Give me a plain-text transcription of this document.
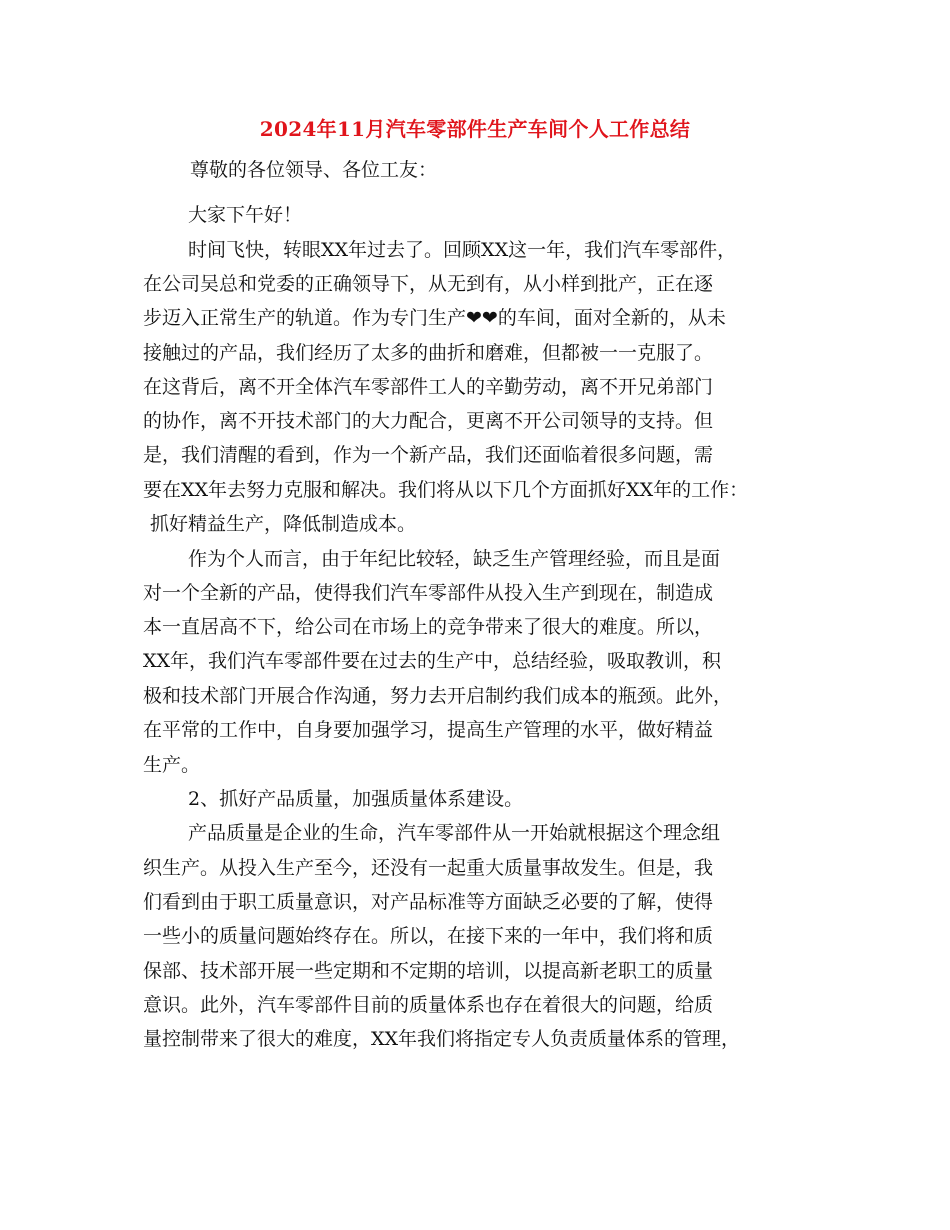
2024年11月汽车零部件生产车间个人工作总结
尊敬的各位领导、各位工友：
大家下午好！
时间飞快，转眼XX年过去了。回顾XX这一年，我们汽车零部件，
在公司吴总和党委的正确领导下，从无到有，从小样到批产，正在逐
步迈入正常生产的轨道。作为专门生产❤❤的车间，面对全新的，从未
接触过的产品，我们经历了太多的曲折和磨难，但都被一一克服了。
在这背后，离不开全体汽车零部件工人的辛勤劳动，离不开兄弟部门
的协作，离不开技术部门的大力配合，更离不开公司领导的支持。但
是，我们清醒的看到，作为一个新产品，我们还面临着很多问题，需
要在XX年去努力克服和解决。我们将从以下几个方面抓好XX年的工作：
抓好精益生产，降低制造成本。
作为个人而言，由于年纪比较轻，缺乏生产管理经验，而且是面
对一个全新的产品，使得我们汽车零部件从投入生产到现在，制造成
本一直居高不下，给公司在市场上的竞争带来了很大的难度。所以，
XX年，我们汽车零部件要在过去的生产中，总结经验，吸取教训，积
极和技术部门开展合作沟通，努力去开启制约我们成本的瓶颈。此外，
在平常的工作中，自身要加强学习，提高生产管理的水平，做好精益
生产。
2、抓好产品质量，加强质量体系建设。
产品质量是企业的生命，汽车零部件从一开始就根据这个理念组
织生产。从投入生产至今，还没有一起重大质量事故发生。但是，我
们看到由于职工质量意识，对产品标准等方面缺乏必要的了解，使得
一些小的质量问题始终存在。所以，在接下来的一年中，我们将和质
保部、技术部开展一些定期和不定期的培训，以提高新老职工的质量
意识。此外，汽车零部件目前的质量体系也存在着很大的问题，给质
量控制带来了很大的难度，XX年我们将指定专人负责质量体系的管理，
